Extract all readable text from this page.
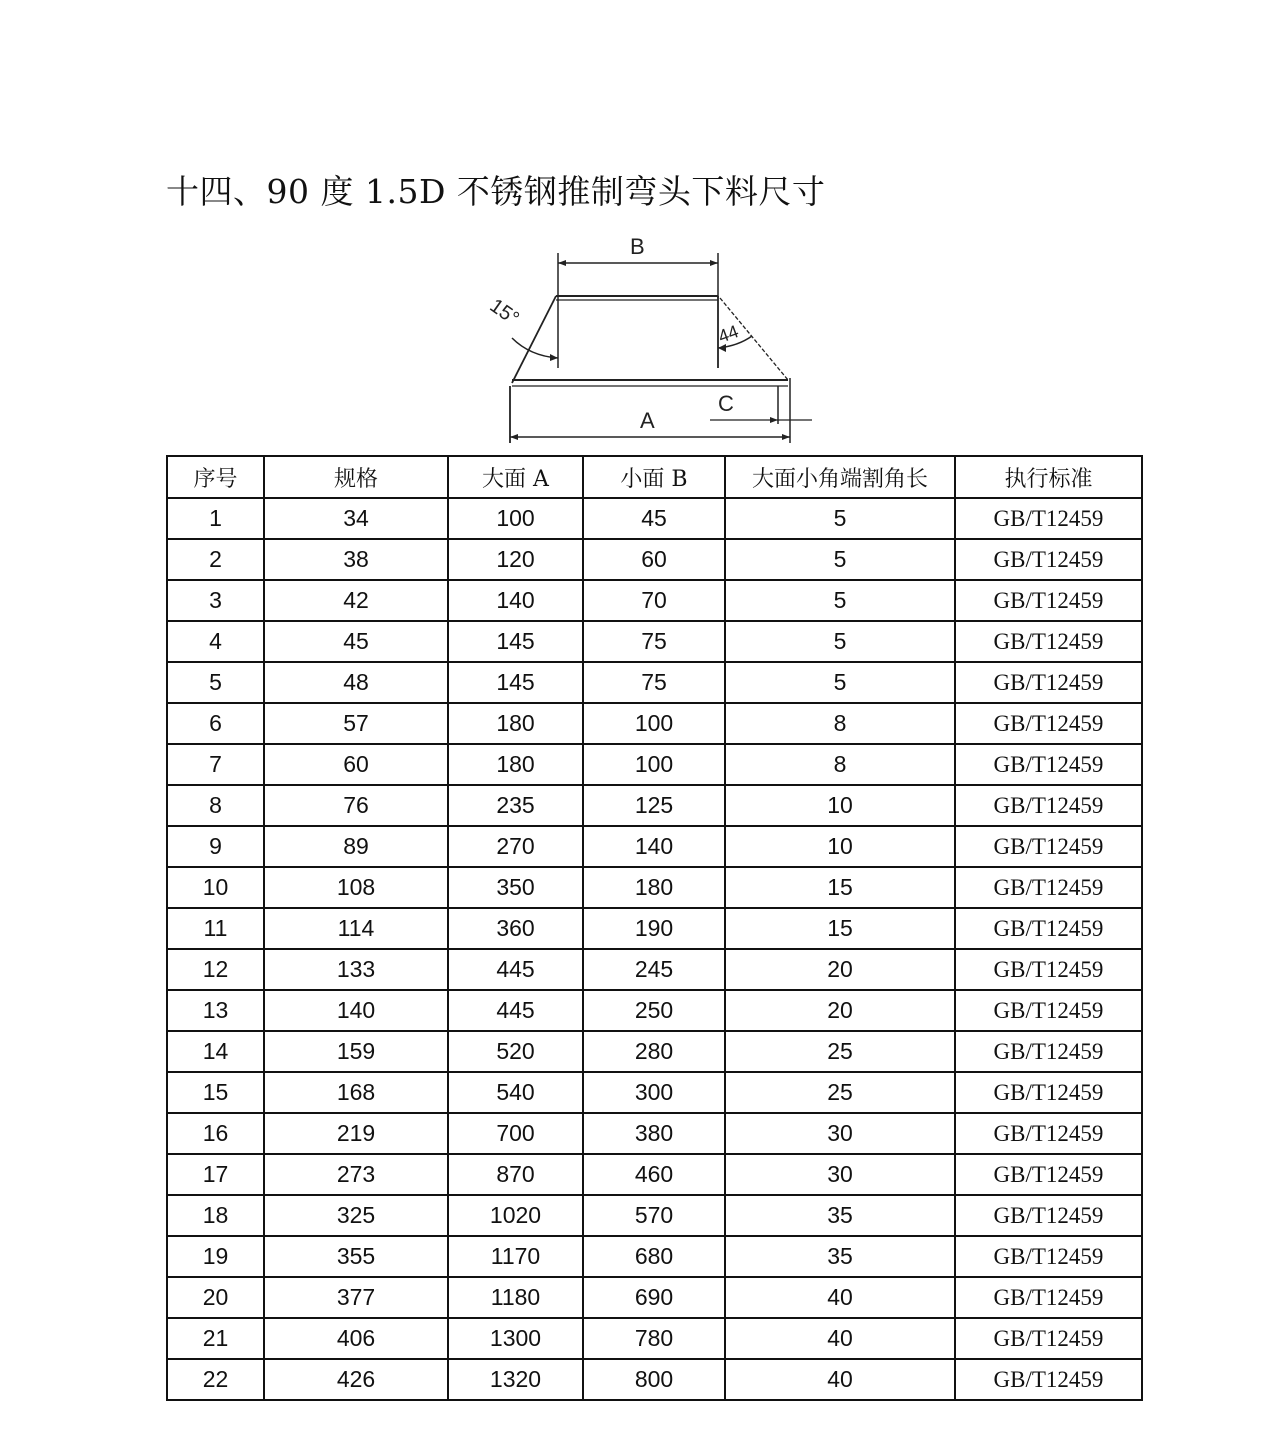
十四、90 度 1.5D 不锈钢推制弯头下料尺寸
B
15°
44
A
C
序号	规格	大面 A	小面 B	大面小角端割角长	执行标准
1	34	100	45	5	GB/T12459
2	38	120	60	5	GB/T12459
3	42	140	70	5	GB/T12459
4	45	145	75	5	GB/T12459
5	48	145	75	5	GB/T12459
6	57	180	100	8	GB/T12459
7	60	180	100	8	GB/T12459
8	76	235	125	10	GB/T12459
9	89	270	140	10	GB/T12459
10	108	350	180	15	GB/T12459
11	114	360	190	15	GB/T12459
12	133	445	245	20	GB/T12459
13	140	445	250	20	GB/T12459
14	159	520	280	25	GB/T12459
15	168	540	300	25	GB/T12459
16	219	700	380	30	GB/T12459
17	273	870	460	30	GB/T12459
18	325	1020	570	35	GB/T12459
19	355	1170	680	35	GB/T12459
20	377	1180	690	40	GB/T12459
21	406	1300	780	40	GB/T12459
22	426	1320	800	40	GB/T12459
